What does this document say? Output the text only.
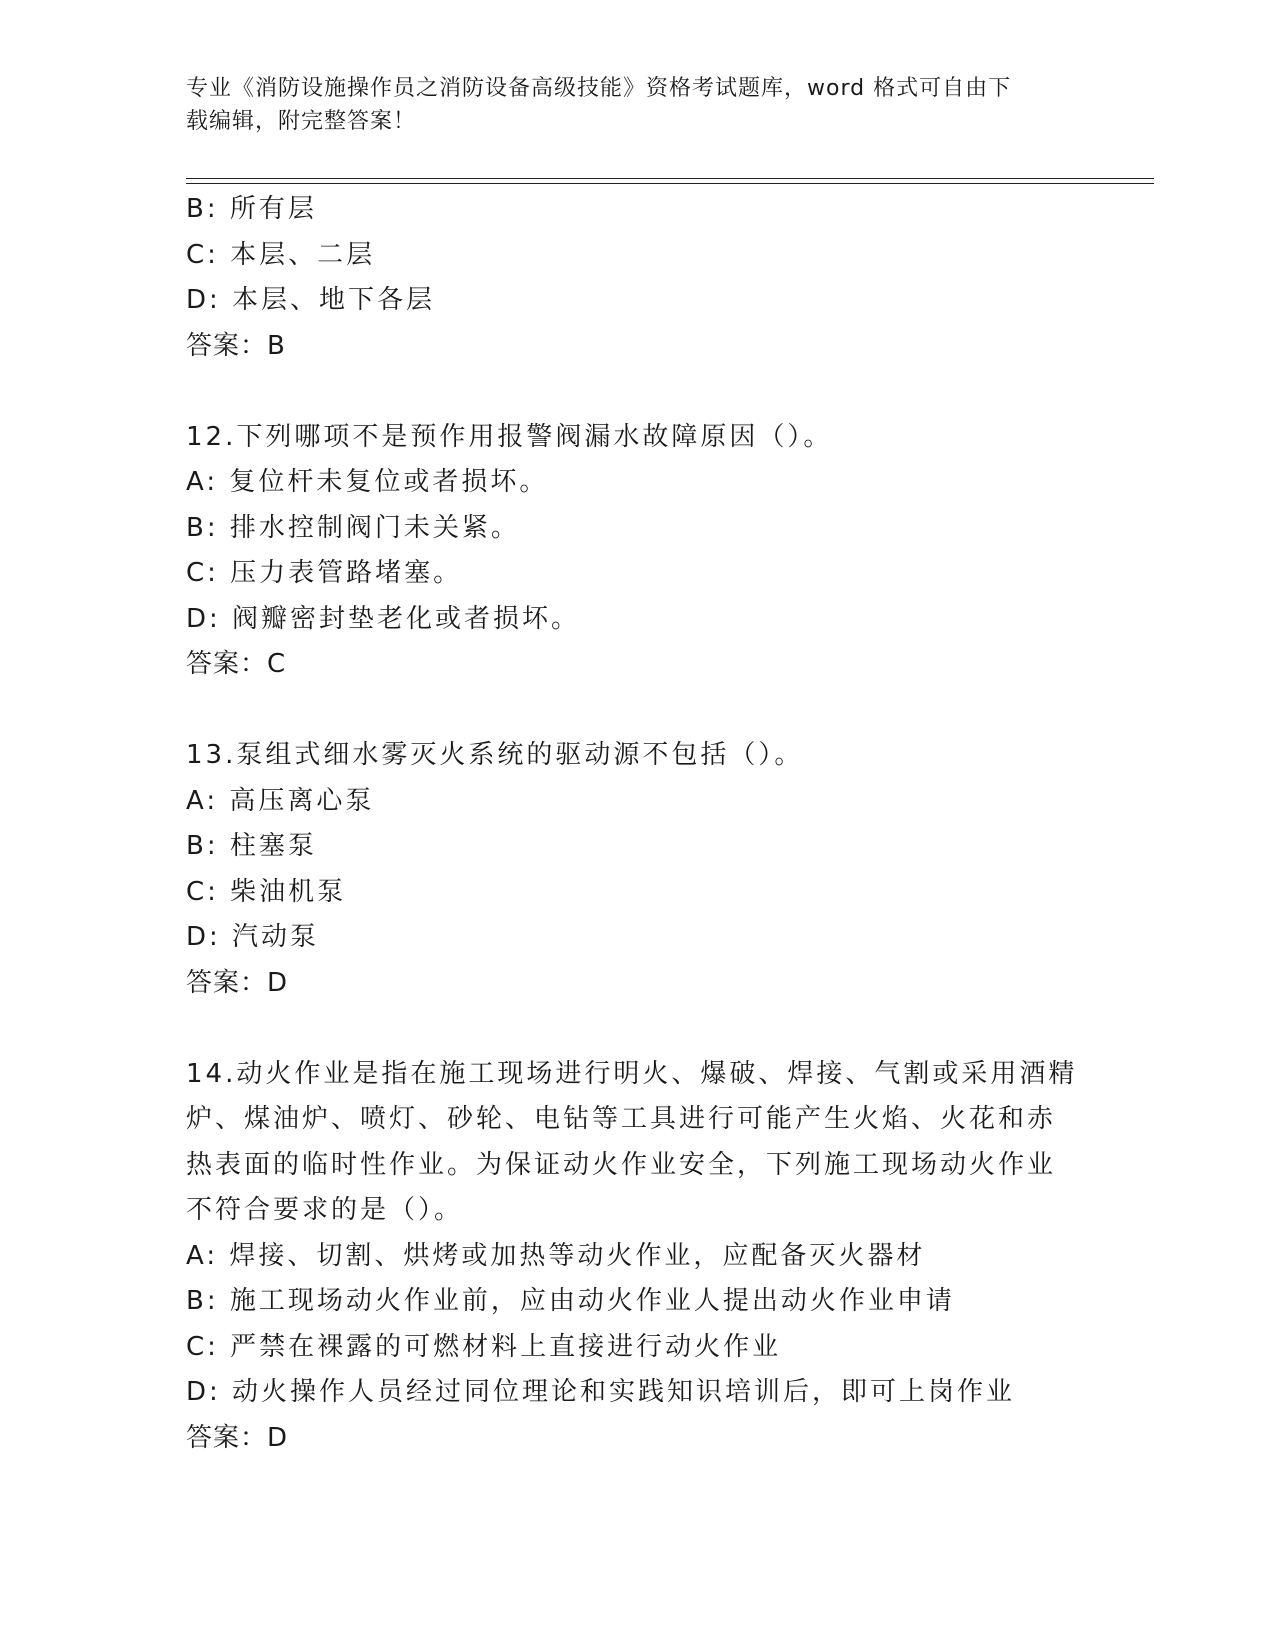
专业《消防设施操作员之消防设备高级技能》资格考试题库，word 格式可自由下
载编辑，附完整答案！
B: 所有层
C: 本层、二层
D: 本层、地下各层
答案：B
12.下列哪项不是预作用报警阀漏水故障原因（）。
A: 复位杆未复位或者损坏。
B: 排水控制阀门未关紧。
C: 压力表管路堵塞。
D: 阀瓣密封垫老化或者损坏。
答案：C
13.泵组式细水雾灭火系统的驱动源不包括（）。
A: 高压离心泵
B: 柱塞泵
C: 柴油机泵
D: 汽动泵
答案：D
14.动火作业是指在施工现场进行明火、爆破、焊接、气割或采用酒精
炉、煤油炉、喷灯、砂轮、电钻等工具进行可能产生火焰、火花和赤
热表面的临时性作业。为保证动火作业安全，下列施工现场动火作业
不符合要求的是（）。
A: 焊接、切割、烘烤或加热等动火作业，应配备灭火器材
B: 施工现场动火作业前，应由动火作业人提出动火作业申请
C: 严禁在裸露的可燃材料上直接进行动火作业
D: 动火操作人员经过同位理论和实践知识培训后，即可上岗作业
答案：D
